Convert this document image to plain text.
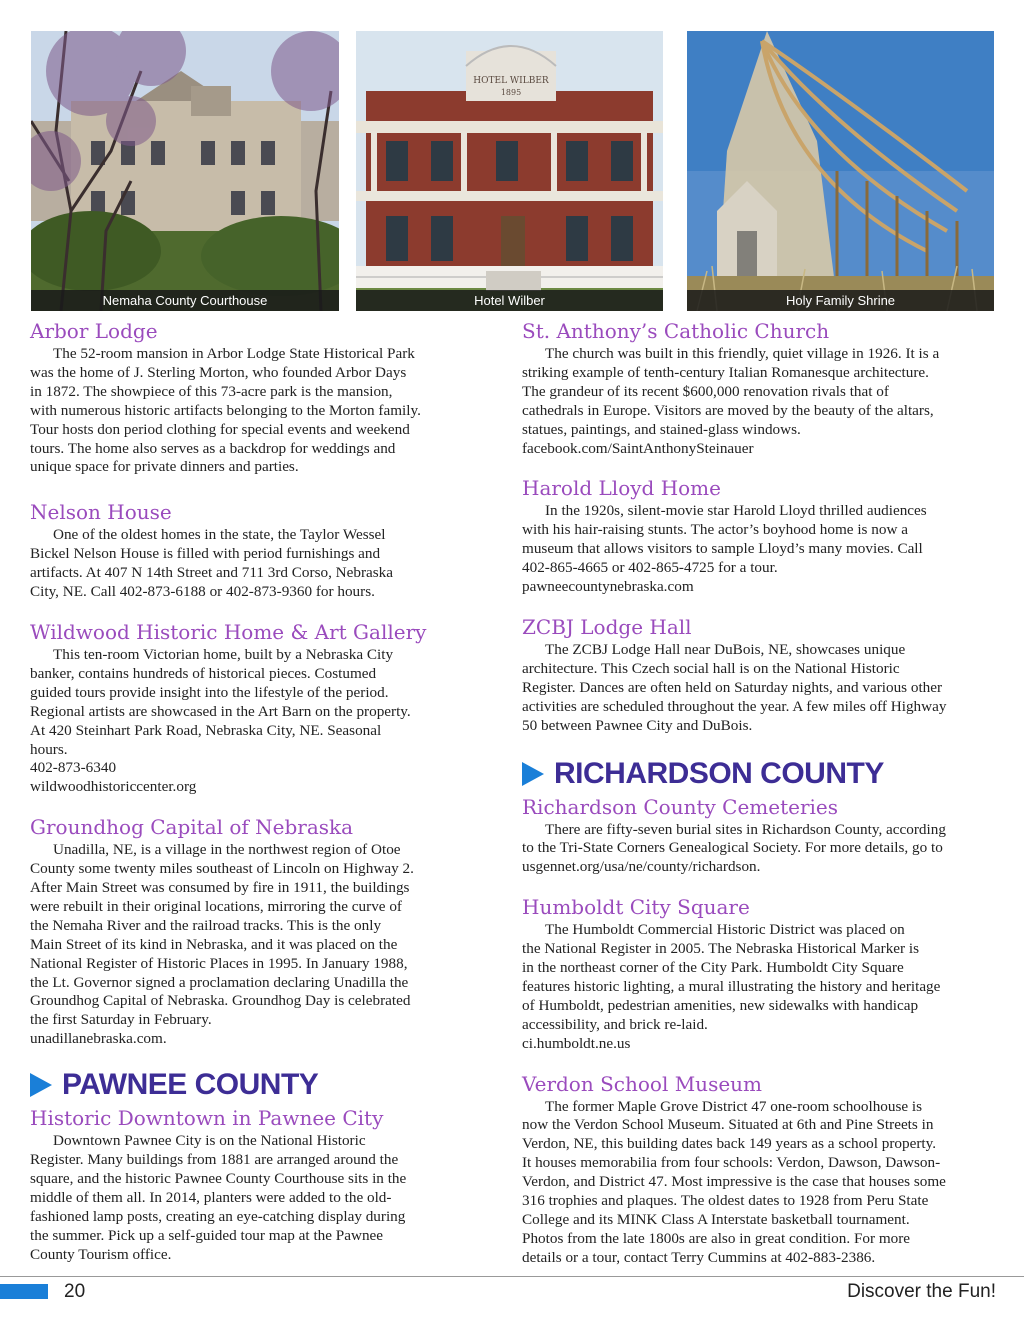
Nemaha County Courthouse
HOTEL WILBER
1895
Hotel Wilber	Holy Family Shrine
Arbor Lodge

The 52-room mansion in Arbor Lodge State Historical Park
was the home of J. Sterling Morton, who founded Arbor Days
in 1872. The showpiece of this 73-acre park is the mansion,
with numerous historic artifacts belonging to the Morton family.
Tour hosts don period clothing for special events and weekend
tours. The home also serves as a backdrop for weddings and
unique space for private dinners and parties.

Nelson House

One of the oldest homes in the state, the Taylor Wessel
Bickel Nelson House is filled with period furnishings and
artifacts. At 407 N 14th Street and 711 3rd Corso, Nebraska
City, NE. Call 402-873-6188 or 402-873-9360 for hours.

Wildwood Historic Home & Art Gallery

This ten-room Victorian home, built by a Nebraska City
banker, contains hundreds of historical pieces. Costumed
guided tours provide insight into the lifestyle of the period.
Regional artists are showcased in the Art Barn on the property.
At 420 Steinhart Park Road, Nebraska City, NE. Seasonal
hours.
402-873-6340
wildwoodhistoriccenter.org

Groundhog Capital of Nebraska

Unadilla, NE, is a village in the northwest region of Otoe
County some twenty miles southeast of Lincoln on Highway 2.
After Main Street was consumed by fire in 1911, the buildings
were rebuilt in their original locations, mirroring the curve of
the Nemaha River and the railroad tracks. This is the only
Main Street of its kind in Nebraska, and it was placed on the
National Register of Historic Places in 1995. In January 1988,
the Lt. Governor signed a proclamation declaring Unadilla the
Groundhog Capital of Nebraska. Groundhog Day is celebrated
the first Saturday in February.
unadillanebraska.com.

PAWNEE COUNTY
Historic Downtown in Pawnee City

Downtown Pawnee City is on the National Historic
Register. Many buildings from 1881 are arranged around the
square, and the historic Pawnee County Courthouse sits in the
middle of them all. In 2014, planters were added to the old-
fashioned lamp posts, creating an eye-catching display during
the summer. Pick up a self-guided tour map at the Pawnee
County Tourism office.

St. Anthony’s Catholic Church

The church was built in this friendly, quiet village in 1926. It is a
striking example of tenth-century Italian Romanesque architecture.
The grandeur of its recent $600,000 renovation rivals that of
cathedrals in Europe. Visitors are moved by the beauty of the altars,
statues, paintings, and stained-glass windows.
facebook.com/SaintAnthonySteinauer

Harold Lloyd Home

In the 1920s, silent-movie star Harold Lloyd thrilled audiences
with his hair-raising stunts. The actor’s boyhood home is now a
museum that allows visitors to sample Lloyd’s many movies. Call
402-865-4665 or 402-865-4725 for a tour.
pawneecountynebraska.com

ZCBJ Lodge Hall

The ZCBJ Lodge Hall near DuBois, NE, showcases unique
architecture. This Czech social hall is on the National Historic
Register. Dances are often held on Saturday nights, and various other
activities are scheduled throughout the year. A few miles off Highway
50 between Pawnee City and DuBois.

RICHARDSON COUNTY
Richardson County Cemeteries

There are fifty-seven burial sites in Richardson County, according
to the Tri-State Corners Genealogical Society. For more details, go to
usgennet.org/usa/ne/county/richardson.

Humboldt City Square

The Humboldt Commercial Historic District was placed on
the National Register in 2005. The Nebraska Historical Marker is
in the northeast corner of the City Park. Humboldt City Square
features historic lighting, a mural illustrating the history and heritage
of Humboldt, pedestrian amenities, new sidewalks with handicap
accessibility, and brick re-laid.
ci.humboldt.ne.us

Verdon School Museum

The former Maple Grove District 47 one-room schoolhouse is
now the Verdon School Museum. Situated at 6th and Pine Streets in
Verdon, NE, this building dates back 149 years as a school property.
It houses memorabilia from four schools: Verdon, Dawson, Dawson-
Verdon, and District 47. Most impressive is the case that houses some
316 trophies and plaques. The oldest dates to 1928 from Peru State
College and its MINK Class A Interstate basketball tournament.
Photos from the late 1800s are also in great condition. For more
details or a tour, contact Terry Cummins at 402-883-2386.

20	Discover the Fun!
